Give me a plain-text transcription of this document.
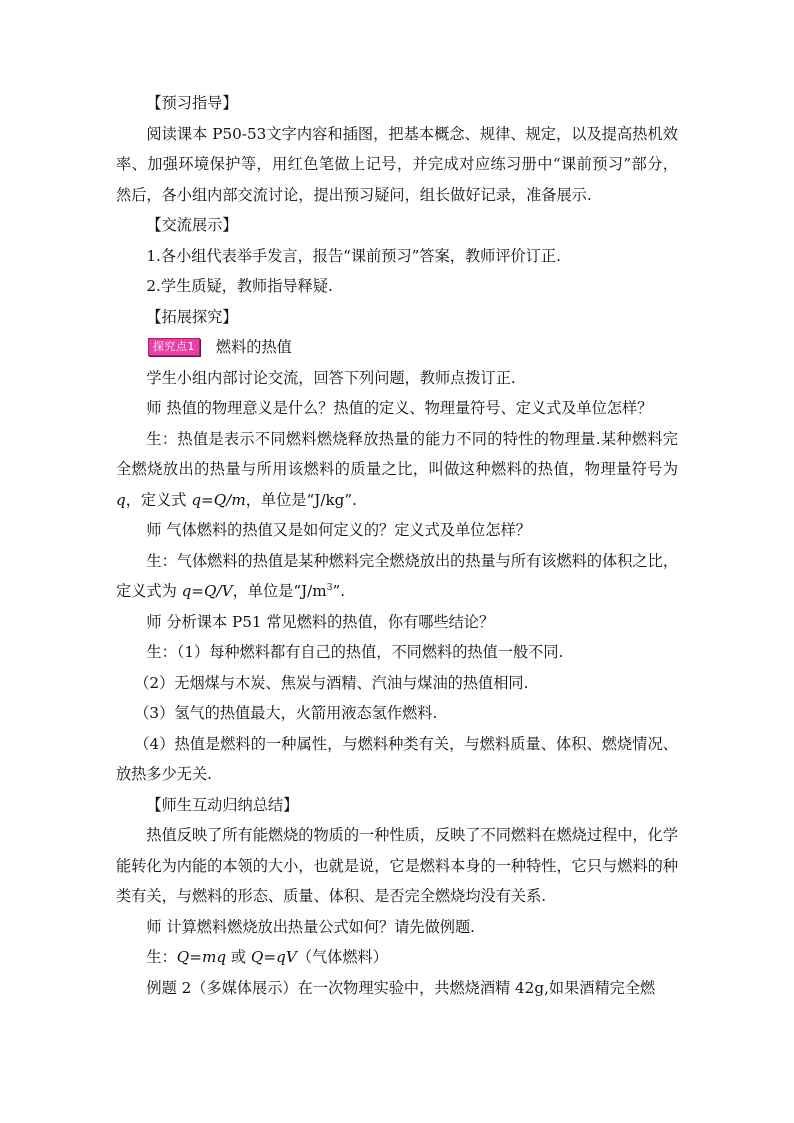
【预习指导】

阅读课本 P50-53文字内容和插图，把基本概念、规律、规定，以及提高热机效率、加强环境保护等，用红色笔做上记号，并完成对应练习册中“课前预习”部分，然后，各小组内部交流讨论，提出预习疑问，组长做好记录，准备展示.

【交流展示】

1.各小组代表举手发言，报告“课前预习”答案，教师评价订正.

2.学生质疑，教师指导释疑.

【拓展探究】

探究点1	燃料的热值

学生小组内部讨论交流，回答下列问题，教师点拨订正.

师 热值的物理意义是什么？热值的定义、物理量符号、定义式及单位怎样？

生：热值是表示不同燃料燃烧释放热量的能力不同的特性的物理量.某种燃料完全燃烧放出的热量与所用该燃料的质量之比，叫做这种燃料的热值，物理量符号为 q，定义式 q=Q/m，单位是“J/kg”.

师 气体燃料的热值又是如何定义的？定义式及单位怎样？

生：气体燃料的热值是某种燃料完全燃烧放出的热量与所有该燃料的体积之比，定义式为 q=Q/V，单位是“$J/m^3$”.

师 分析课本 P51 常见燃料的热值，你有哪些结论？

生：（1）每种燃料都有自己的热值，不同燃料的热值一般不同.

（2）无烟煤与木炭、焦炭与酒精、汽油与煤油的热值相同.

（3）氢气的热值最大，火箭用液态氢作燃料.

（4）热值是燃料的一种属性，与燃料种类有关，与燃料质量、体积、燃烧情况、放热多少无关.

【师生互动归纳总结】

热值反映了所有能燃烧的物质的一种性质，反映了不同燃料在燃烧过程中，化学能转化为内能的本领的大小，也就是说，它是燃料本身的一种特性，它只与燃料的种类有关，与燃料的形态、质量、体积、是否完全燃烧均没有关系.

师 计算燃料燃烧放出热量公式如何？请先做例题.

生：Q=mq 或 Q=qV（气体燃料）

例题 2（多媒体展示）在一次物理实验中，共燃烧酒精 42g,如果酒精完全燃
